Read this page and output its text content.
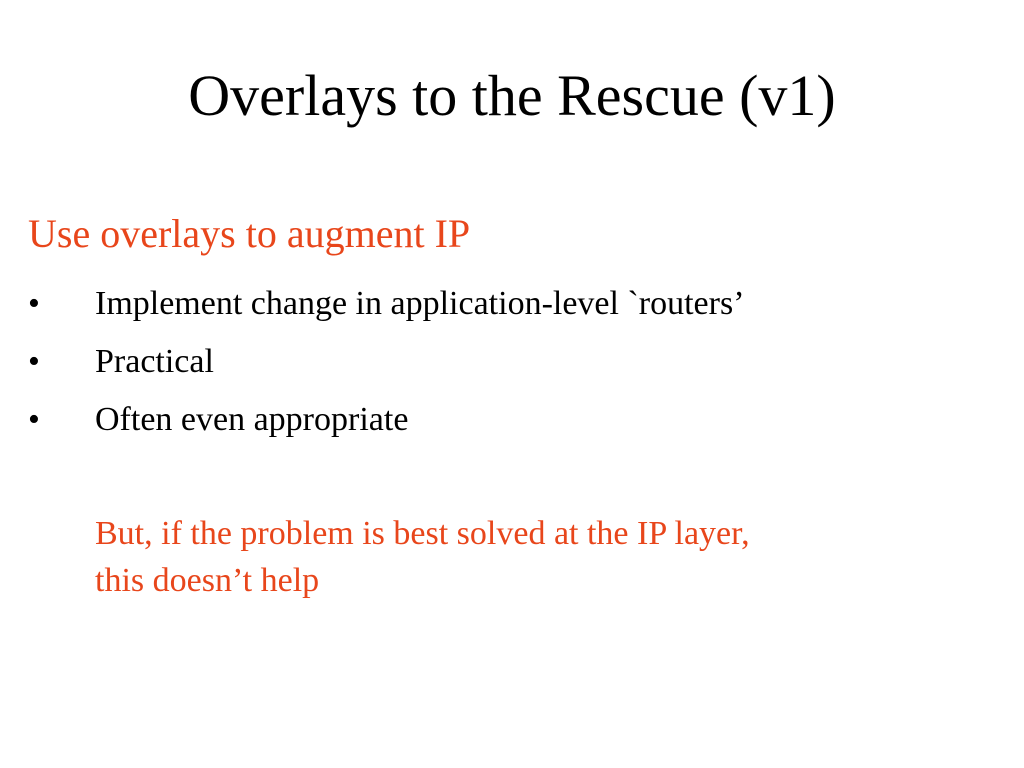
Overlays to the Rescue (v1)
Use overlays to augment IP
•	Implement change in application-level `routers’
•	Practical
•	Often even appropriate
But, if the problem is best solved at the IP layer,
this doesn’t help
